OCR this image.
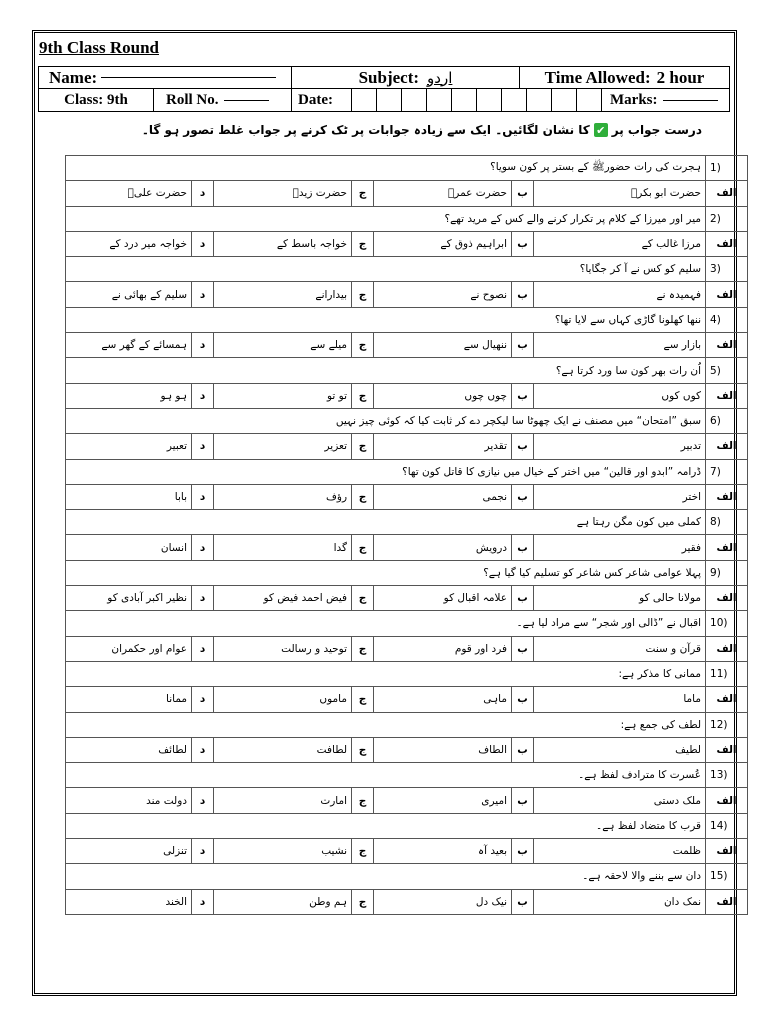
9th Class Round
Name:	Subject: اردو	Time Allowed: 2 hour
Class: 9th	Roll No.	Date:	Marks:
درست جواب پر
✔
کا نشان لگائیں۔ ایک سے زیادہ جوابات پر ٹک کرنے پر جواب غلط تصور ہو گا۔
1)	ہجرت کی رات حضورﷺ کے بستر پر کون سویا؟						
الف	حضرت ابو بکرؓ	ب	حضرت عمرؓ	ج	حضرت زیدؓ	د	حضرت علیؓ
2)	میر اور میرزا کے کلام پر تکرار کرنے والے کس کے مرید تھے؟						
الف	مرزا غالب کے	ب	ابراہیم ذوق کے	ج	خواجہ باسط کے	د	خواجہ میر درد کے
3)	سلیم کو کس نے آ کر جگایا؟						
الف	فہمیدہ نے	ب	نصوح نے	ج	بیدارانے	د	سلیم کے بھائی نے
4)	ننھا کھلونا گاڑی کہاں سے لایا تھا؟						
الف	بازار سے	ب	ننھیال سے	ج	میلے سے	د	ہمسائے کے گھر سے
5)	اُن رات بھر کون سا ورد کرتا ہے؟						
الف	کوں کوں	ب	چوں چوں	ج	تو تو	د	ہو ہو
6)	سبق ”امتحان“ میں مصنف نے ایک چھوٹا سا لیکچر دے کر ثابت کیا کہ کوئی چیز نہیں						
الف	تدبیر	ب	تقدیر	ج	تعزیر	د	تعبیر
7)	ڈرامہ ”ابدو اور قالین“ میں اختر کے خیال میں نیازی کا قاتل کون تھا؟						
الف	اختر	ب	نجمی	ج	رؤف	د	بابا
8)	کملی میں کون مگن رہتا ہے						
الف	فقیر	ب	درویش	ج	گدا	د	انسان
9)	پہلا عوامی شاعر کس شاعر کو تسلیم کیا گیا ہے؟						
الف	مولانا حالی کو	ب	علامہ اقبال کو	ج	فیض احمد فیض کو	د	نظیر اکبر آبادی کو
10)	اقبال نے ”ڈالی اور شجر“ سے مراد لیا ہے۔						
الف	قرآن و سنت	ب	فرد اور قوم	ج	توحید و رسالت	د	عوام اور حکمران
11)	ممانی کا مذکر ہے:						
الف	ماما	ب	ماہی	ج	ماموں	د	ممانا
12)	لطف کی جمع ہے:						
الف	لطیف	ب	الطاف	ج	لطافت	د	لطائف
13)	عُسرت کا مترادف لفظ ہے۔						
الف	ملک دستی	ب	امیری	ج	امارت	د	دولت مند
14)	قرب کا متضاد لفظ ہے۔						
الف	ظلمت	ب	بعید آہ	ج	نشیب	د	تنزلی
15)	دان سے بننے والا لاحقہ ہے۔						
الف	نمک دان	ب	نیک دل	ج	ہم وطن	د	الخند
